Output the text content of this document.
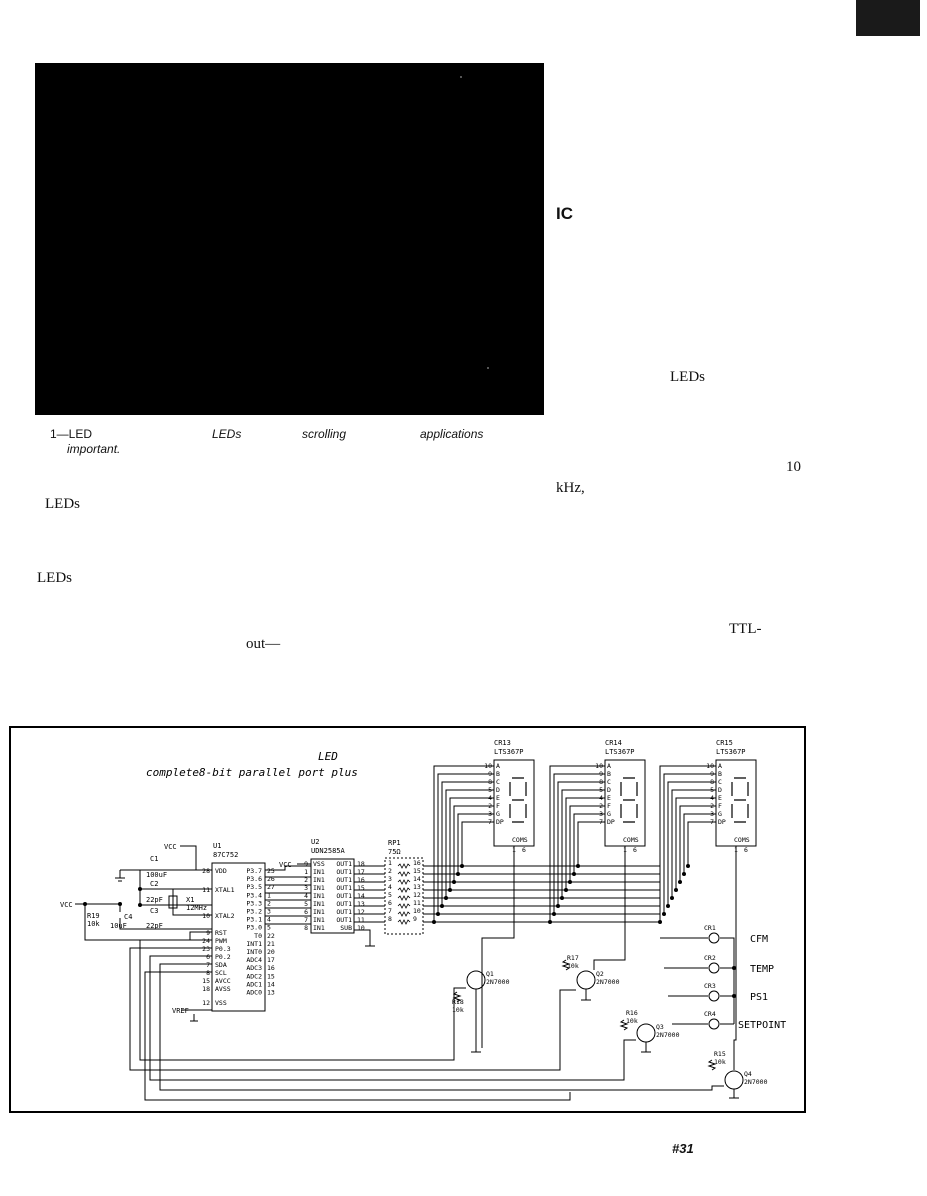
1—LED	LEDs	scrolling	applications
important.
LEDs
LEDs
out—
IC
LEDs
10
kHz,
TTL-
LED
complete8-bit parallel port plus
VCC
VCC
VCC
VREF
U1
87C752
U2
UDN2585A
RP1
75Ω
C1
100uF
C2
22pF
C3
22pF
C4
10uF
X1
12MHz
R19
10k
28 VDD
11 XTAL1
10 XTAL2
9 RST
24 PWM
23 P0.3
6 P0.2
7 SDA
8 SCL
15 AVCC
18 AVSS
12 VSS
P3.7 25
P3.6 26
P3.5 27
P3.4 1
P3.3 2
P3.2 3
P3.1 4
P3.0 5
T0 22
INT1 21
INT0 20
ADC4 17
ADC3 16
ADC2 15
ADC1 14
ADC0 13
9 VSS
1 IN1
2 IN1
3 IN1
4 IN1
5 IN1
6 IN1
7 IN1
8 IN1
OUT1 18
OUT1 17
OUT1 16
OUT1 15
OUT1 14
OUT1 13
OUT1 12
OUT1 11
SUB 10
1
2
3
4
5
6
7
8
16
15
14
13
12
11
10
9
CR13
LTS367P
10 A
9 B
8 C
5 D
4 E
2 F
3 G
7 DP
COMS
1 6
CR14
LTS367P
10 A
9 B
8 C
5 D
4 E
2 F
3 G
7 DP
COMS
1 6
CR15
LTS367P
10 A
9 B
8 C
5 D
4 E
2 F
3 G
7 DP
COMS
1 6
CR1
CFM
CR2
TEMP
CR3
PS1
CR4
SETPOINT
Q1
2N7000
R18
10k
Q2
2N7000
R17
10k
Q3
2N7000
R16
10k
Q4
2N7000
R15
10k
#31
